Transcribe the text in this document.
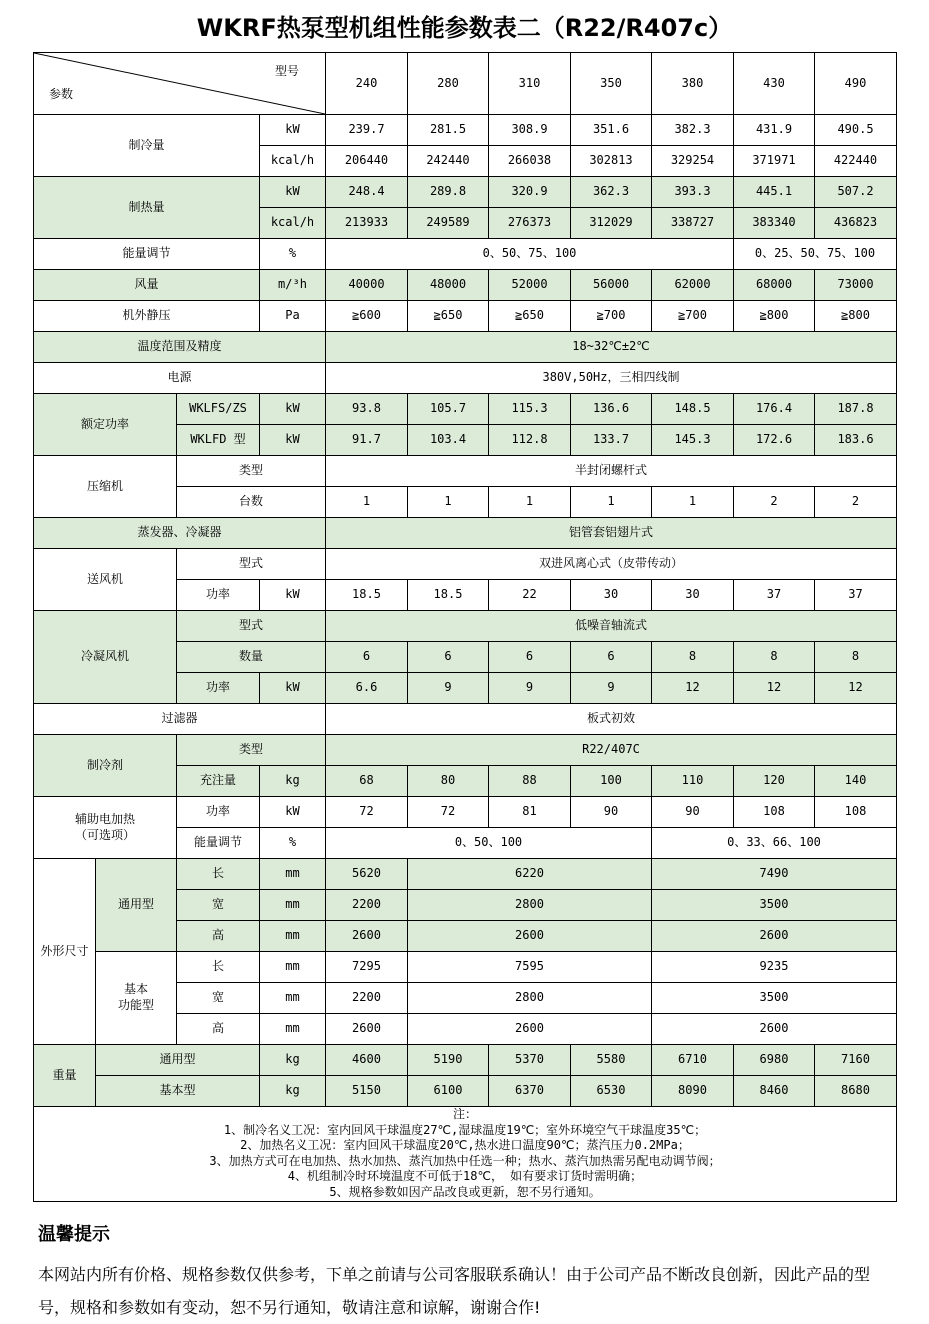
WKRF热泵型机组性能参数表二（R22/R407c）
型号
参数				240	280	310	350	380	430	490
制冷量			kW	239.7	281.5	308.9	351.6	382.3	431.9	490.5
			kcal/h	206440	242440	266038	302813	329254	371971	422440
制热量			kW	248.4	289.8	320.9	362.3	393.3	445.1	507.2
			kcal/h	213933	249589	276373	312029	338727	383340	436823
能量调节			%	0、50、75、100					0、25、50、75、100	
风量			m/³h	40000	48000	52000	56000	62000	68000	73000
机外静压			Pa	≧600	≧650	≧650	≧700	≧700	≧800	≧800
温度范围及精度				18~32℃±2℃						
电源				380V,50Hz，三相四线制						
额定功率		WKLFS/ZS	kW	93.8	105.7	115.3	136.6	148.5	176.4	187.8
		WKLFD 型	kW	91.7	103.4	112.8	133.7	145.3	172.6	183.6
压缩机		类型		半封闭螺杆式						
		台数		1	1	1	1	1	2	2
蒸发器、冷凝器				铝管套铝翅片式						
送风机		型式		双进风离心式（皮带传动）						
		功率	kW	18.5	18.5	22	30	30	37	37
冷凝风机		型式		低噪音轴流式						
		数量		6	6	6	6	8	8	8
		功率	kW	6.6	9	9	9	12	12	12
过滤器				板式初效						
制冷剂		类型		R22/407C						
		充注量	kg	68	80	88	100	110	120	140

辅助电加热
（可选项）		功率	kW	72	72	81	90	90	108	108
		能量调节	%	0、50、100				0、33、66、100		
外形尺寸	通用型	长	mm	5620	6220			7490		
		宽	mm	2200	2800			3500		
		高	mm	2600	2600			2600		

	基本
功能型	长	mm	7295	7595			9235		
		宽	mm	2200	2800			3500		
		高	mm	2600	2600			2600		
重量	通用型		kg	4600	5190	5370	5580	6710	6980	7160
	基本型		kg	5150	6100	6370	6530	8090	8460	8680

注：
1、制冷名义工况：室内回风干球温度27℃,湿球温度19℃；室外环境空气干球温度35℃；
2、加热名义工况：室内回风干球温度20℃,热水进口温度90℃；蒸汽压力0.2MPa；
3、加热方式可在电加热、热水加热、蒸汽加热中任选一种；热水、蒸汽加热需另配电动调节阀；
4、机组制冷时环境温度不可低于18℃， 如有要求订货时需明确；
5、规格参数如因产品改良或更新，恕不另行通知。
温馨提示

本网站内所有价格、规格参数仅供参考，下单之前请与公司客服联系确认！由于公司产品不断改良创新，因此产品的型号，规格和参数如有变动，恕不另行通知，敬请注意和谅解，谢谢合作!
